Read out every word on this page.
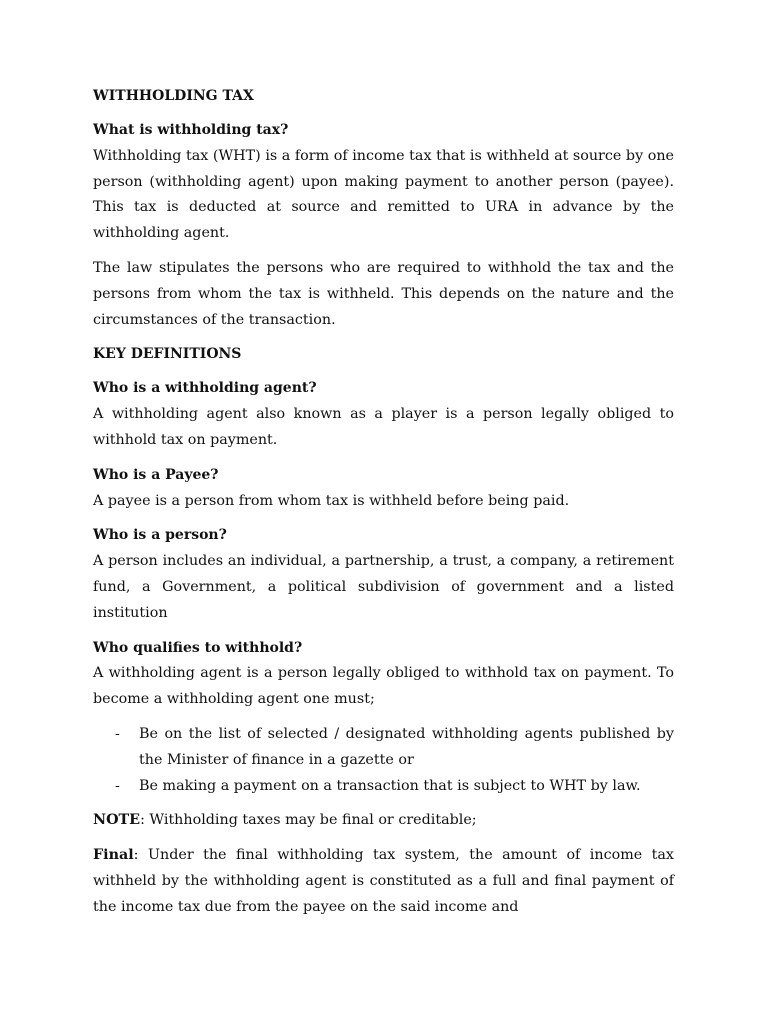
WITHHOLDING TAX
What is withholding tax?

Withholding tax (WHT) is a form of income tax that is withheld at source by one person (withholding agent) upon making payment to another person (payee). This tax is deducted at source and remitted to URA in advance by the withholding agent.

The law stipulates the persons who are required to withhold the tax and the persons from whom the tax is withheld. This depends on the nature and the circumstances of the transaction.

KEY DEFINITIONS
Who is a withholding agent?

A withholding agent also known as a player is a person legally obliged to withhold tax on payment.

Who is a Payee?

A payee is a person from whom tax is withheld before being paid.

Who is a person?

A person includes an individual, a partnership, a trust, a company, a retirement fund, a Government, a political subdivision of government and a listed institution

Who qualifies to withhold?

A withholding agent is a person legally obliged to withhold tax on payment. To become a withholding agent one must;

- Be on the list of selected / designated withholding agents published by the Minister of finance in a gazette or
- Be making a payment on a transaction that is subject to WHT by law.

NOTE: Withholding taxes may be final or creditable;

Final: Under the final withholding tax system, the amount of income tax withheld by the withholding agent is constituted as a full and final payment of the income tax due from the payee on the said income and
